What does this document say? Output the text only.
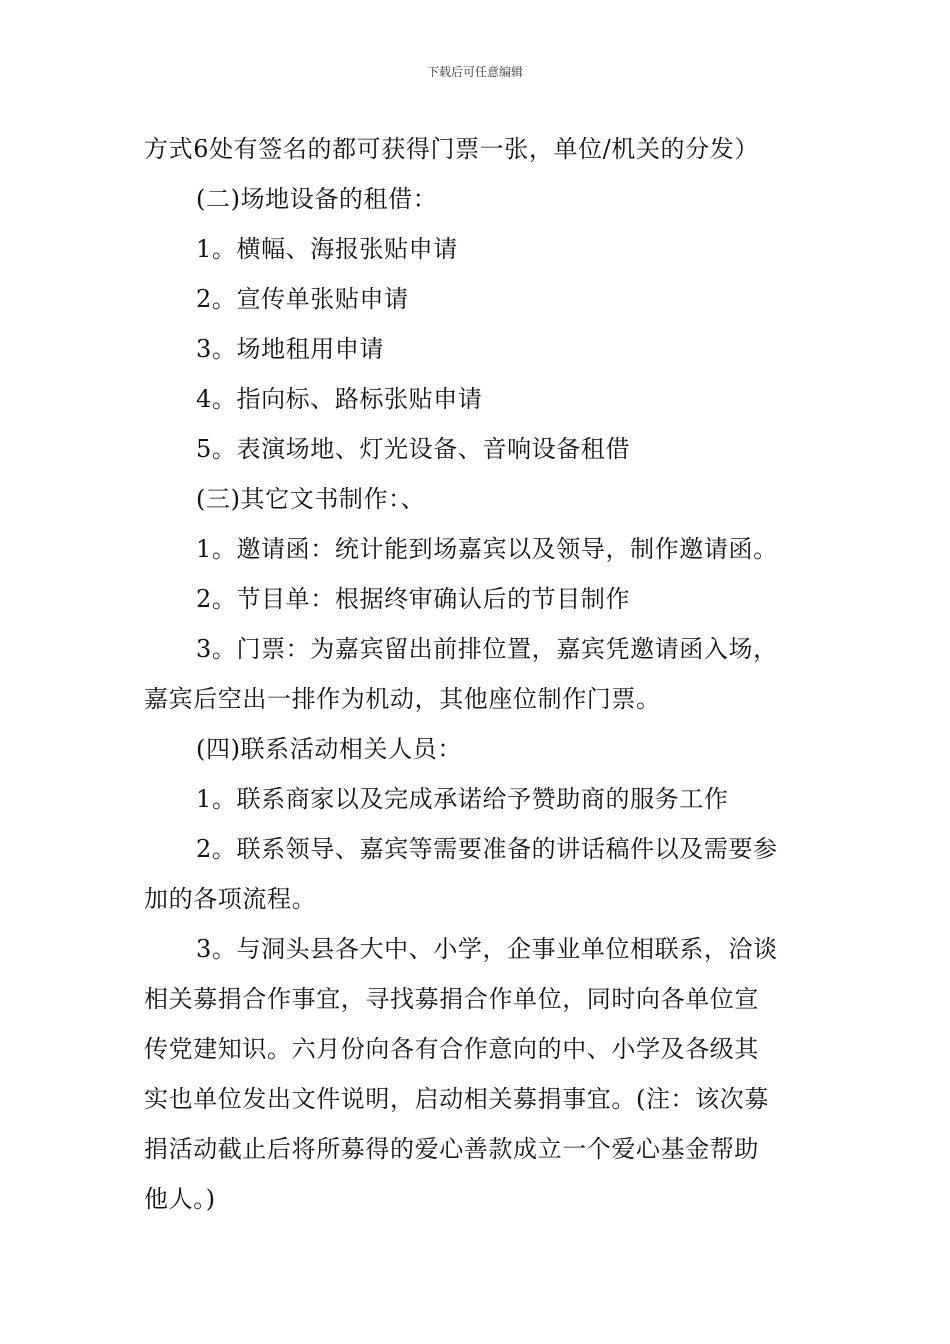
下载后可任意编辑
方式6处有签名的都可获得门票一张，单位/机关的分发）
(二)场地设备的租借：
1。横幅、海报张贴申请
2。宣传单张贴申请
3。场地租用申请
4。指向标、路标张贴申请
5。表演场地、灯光设备、音响设备租借
(三)其它文书制作：、
1。邀请函：统计能到场嘉宾以及领导，制作邀请函。
2。节目单：根据终审确认后的节目制作
3。门票：为嘉宾留出前排位置，嘉宾凭邀请函入场，
嘉宾后空出一排作为机动，其他座位制作门票。
(四)联系活动相关人员：
1。联系商家以及完成承诺给予赞助商的服务工作
2。联系领导、嘉宾等需要准备的讲话稿件以及需要参
加的各项流程。
3。与洞头县各大中、小学，企事业单位相联系，洽谈
相关募捐合作事宜，寻找募捐合作单位，同时向各单位宣
传党建知识。六月份向各有合作意向的中、小学及各级其
实也单位发出文件说明，启动相关募捐事宜。(注：该次募
捐活动截止后将所募得的爱心善款成立一个爱心基金帮助
他人。)
